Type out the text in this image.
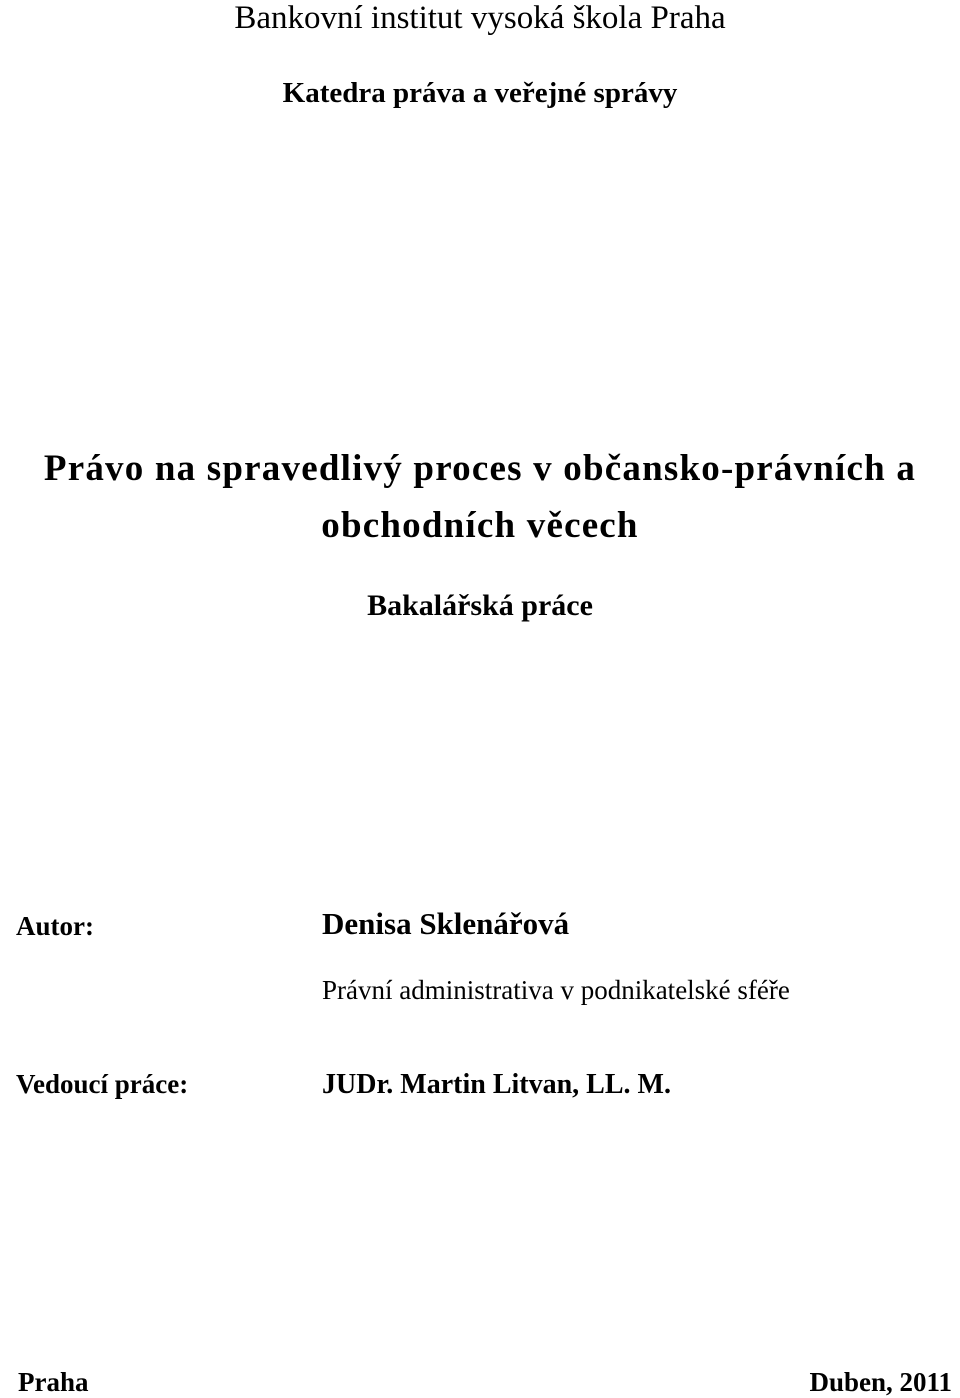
Bankovní institut vysoká škola Praha
Katedra práva a veřejné správy
Právo na spravedlivý proces v občansko-právních a
obchodních věcech
Bakalářská práce
Autor:	Denisa Sklenářová
Právní administrativa v podnikatelské sféře
Vedoucí práce:	JUDr. Martin Litvan, LL. M.
Praha	Duben, 2011
